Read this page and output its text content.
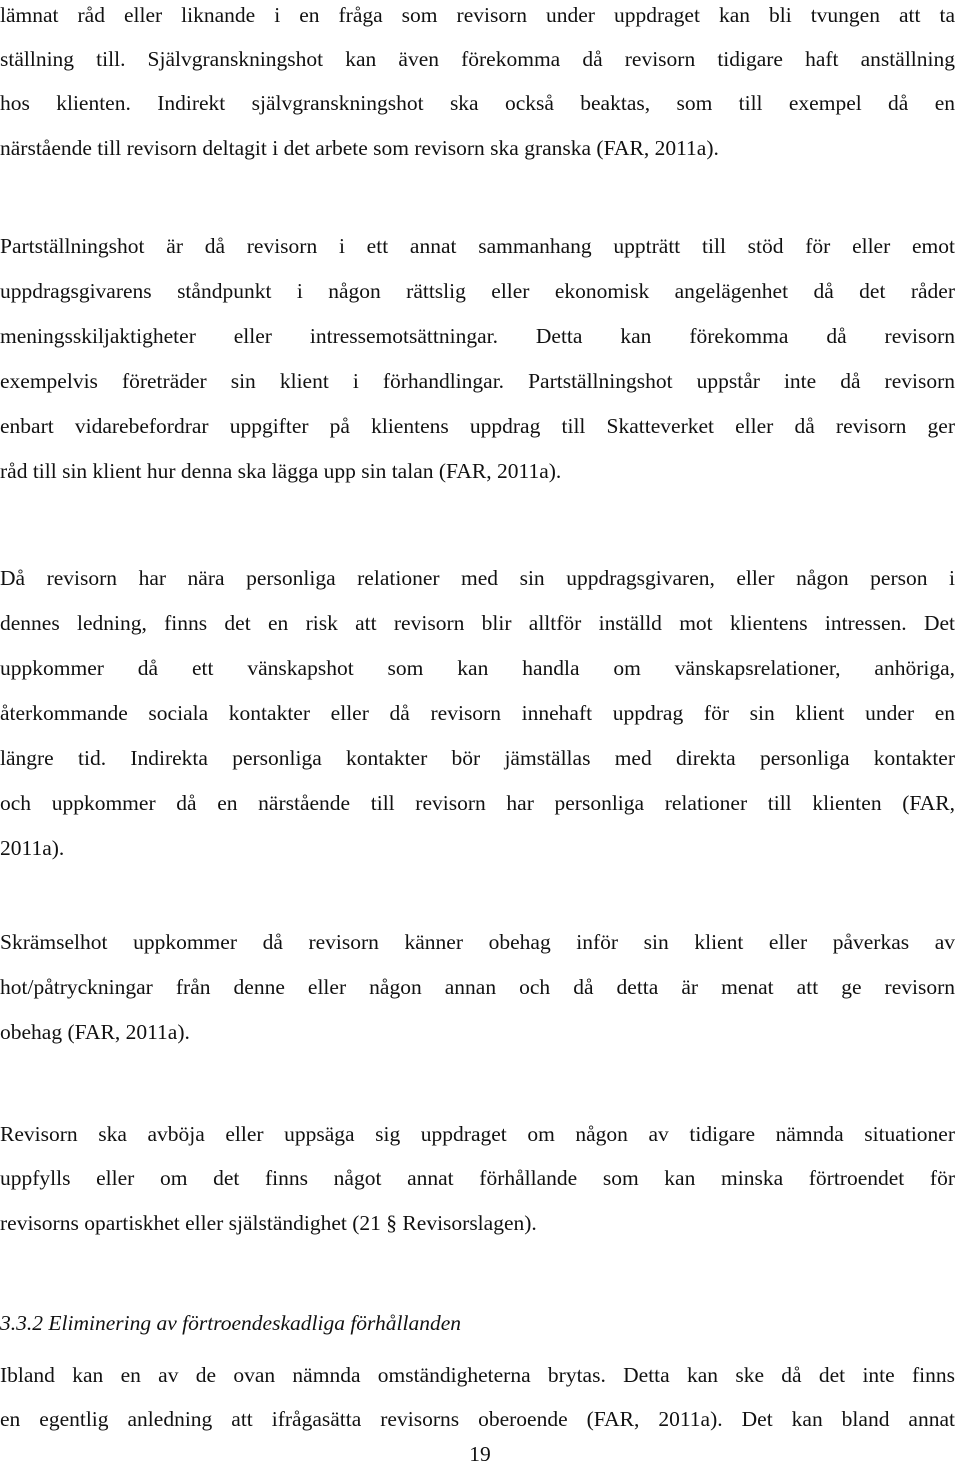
lämnat råd eller liknande i en fråga som revisorn under uppdraget kan bli tvungen att ta
ställning till. Självgranskningshot kan även förekomma då revisorn tidigare haft anställning
hos klienten. Indirekt självgranskningshot ska också beaktas, som till exempel då en
närstående till revisorn deltagit i det arbete som revisorn ska granska (FAR, 2011a).
Partställningshot är då revisorn i ett annat sammanhang uppträtt till stöd för eller emot
uppdragsgivarens ståndpunkt i någon rättslig eller ekonomisk angelägenhet då det råder
meningsskiljaktigheter eller intressemotsättningar. Detta kan förekomma då revisorn
exempelvis företräder sin klient i förhandlingar. Partställningshot uppstår inte då revisorn
enbart vidarebefordrar uppgifter på klientens uppdrag till Skatteverket eller då revisorn ger
råd till sin klient hur denna ska lägga upp sin talan (FAR, 2011a).
Då revisorn har nära personliga relationer med sin uppdragsgivaren, eller någon person i
dennes ledning, finns det en risk att revisorn blir alltför inställd mot klientens intressen. Det
uppkommer då ett vänskapshot som kan handla om vänskapsrelationer, anhöriga,
återkommande sociala kontakter eller då revisorn innehaft uppdrag för sin klient under en
längre tid. Indirekta personliga kontakter bör jämställas med direkta personliga kontakter
och uppkommer då en närstående till revisorn har personliga relationer till klienten (FAR,
2011a).
Skrämselhot uppkommer då revisorn känner obehag inför sin klient eller påverkas av
hot/påtryckningar från denne eller någon annan och då detta är menat att ge revisorn
obehag (FAR, 2011a).
Revisorn ska avböja eller uppsäga sig uppdraget om någon av tidigare nämnda situationer
uppfylls eller om det finns något annat förhållande som kan minska förtroendet för
revisorns opartiskhet eller själständighet (21 § Revisorslagen).
3.3.2 Eliminering av förtroendeskadliga förhållanden
Ibland kan en av de ovan nämnda omständigheterna brytas. Detta kan ske då det inte finns
en egentlig anledning att ifrågasätta revisorns oberoende (FAR, 2011a). Det kan bland annat
19
